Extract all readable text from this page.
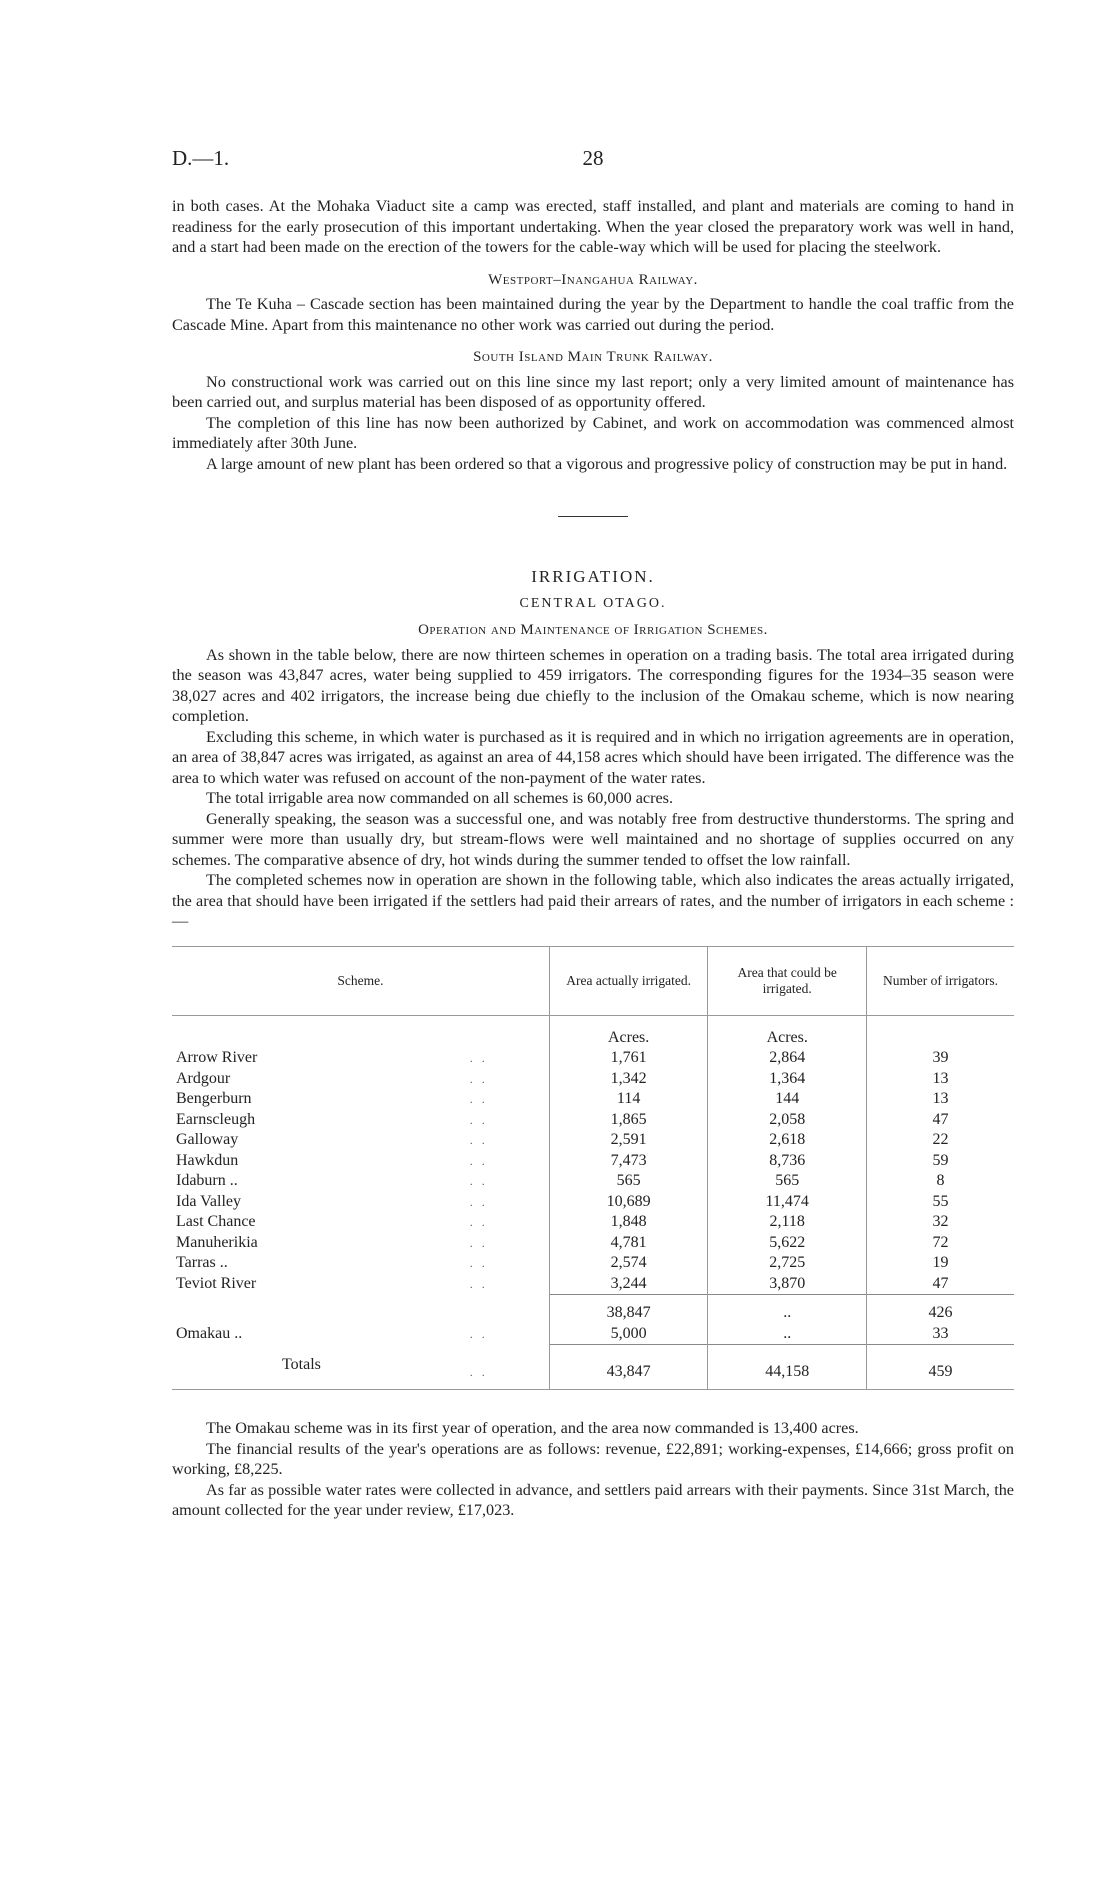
D.—1.	28

in both cases. At the Mohaka Viaduct site a camp was erected, staff installed, and plant and materials are coming to hand in readiness for the early prosecution of this important undertaking. When the year closed the preparatory work was well in hand, and a start had been made on the erection of the towers for the cable-way which will be used for placing the steelwork.

Westport–Inangahua Railway.

The Te Kuha – Cascade section has been maintained during the year by the Department to handle the coal traffic from the Cascade Mine. Apart from this maintenance no other work was carried out during the period.

South Island Main Trunk Railway.

No constructional work was carried out on this line since my last report; only a very limited amount of maintenance has been carried out, and surplus material has been disposed of as opportunity offered.

The completion of this line has now been authorized by Cabinet, and work on accommodation was commenced almost immediately after 30th June.

A large amount of new plant has been ordered so that a vigorous and progressive policy of construction may be put in hand.

IRRIGATION.
CENTRAL OTAGO.
Operation and Maintenance of Irrigation Schemes.

As shown in the table below, there are now thirteen schemes in operation on a trading basis. The total area irrigated during the season was 43,847 acres, water being supplied to 459 irrigators. The corresponding figures for the 1934–35 season were 38,027 acres and 402 irrigators, the increase being due chiefly to the inclusion of the Omakau scheme, which is now nearing completion.

Excluding this scheme, in which water is purchased as it is required and in which no irrigation agreements are in operation, an area of 38,847 acres was irrigated, as against an area of 44,158 acres which should have been irrigated. The difference was the area to which water was refused on account of the non-payment of the water rates.

The total irrigable area now commanded on all schemes is 60,000 acres.

Generally speaking, the season was a successful one, and was notably free from destructive thunderstorms. The spring and summer were more than usually dry, but stream-flows were well maintained and no shortage of supplies occurred on any schemes. The comparative absence of dry, hot winds during the summer tended to offset the low rainfall.

The completed schemes now in operation are shown in the following table, which also indicates the areas actually irrigated, the area that should have been irrigated if the settlers had paid their arrears of rates, and the number of irrigators in each scheme :—

Scheme.		Area actually irrigated.	Area that could be irrigated.	Number of irrigators.
		Acres.	Acres.	
Arrow River	. .	1,761	2,864	39
Ardgour	. .	1,342	1,364	13
Bengerburn	. .	114	144	13
Earnscleugh	. .	1,865	2,058	47
Galloway	. .	2,591	2,618	22
Hawkdun	. .	7,473	8,736	59
Idaburn ..	. .	565	565	8
Ida Valley	. .	10,689	11,474	55
Last Chance	. .	1,848	2,118	32
Manuherikia	. .	4,781	5,622	72
Tarras ..	. .	2,574	2,725	19
Teviot River	. .	3,244	3,870	47
		38,847	..	426
Omakau ..	. .	5,000	..	33
Totals	. .	43,847	44,158	459

The Omakau scheme was in its first year of operation, and the area now commanded is 13,400 acres.

The financial results of the year's operations are as follows: revenue, £22,891; working-expenses, £14,666; gross profit on working, £8,225.

As far as possible water rates were collected in advance, and settlers paid arrears with their payments. Since 31st March, the amount collected for the year under review, £17,023.
